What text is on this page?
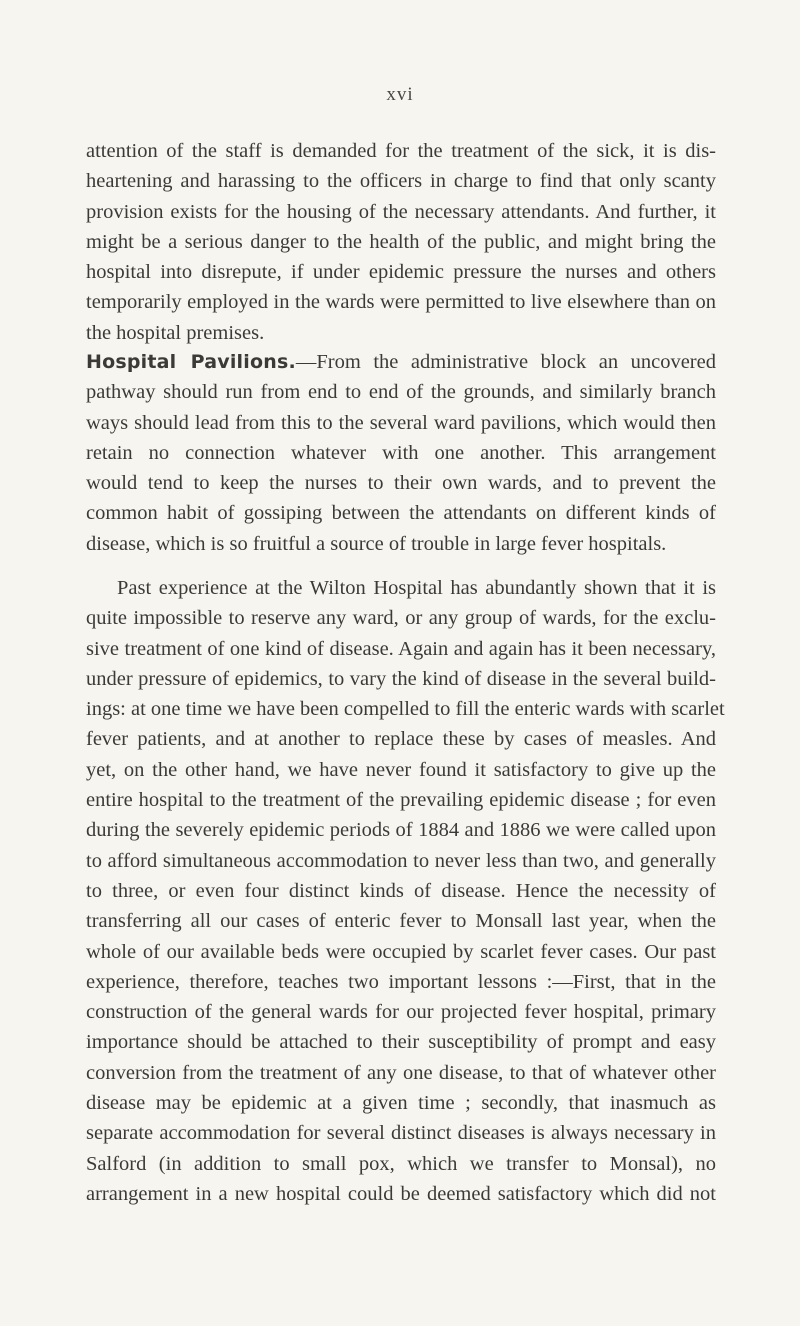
xvi
attention of the staff is demanded for the treatment of the sick, it is dis-
heartening and harassing to the officers in charge to find that only scanty
provision exists for the housing of the necessary attendants. And further, it
might be a serious danger to the health of the public, and might bring the
hospital into disrepute, if under epidemic pressure the nurses and others
temporarily employed in the wards were permitted to live elsewhere than on
the hospital premises.
Hospital Pavilions.—From the administrative block an uncovered
pathway should run from end to end of the grounds, and similarly branch
ways should lead from this to the several ward pavilions, which would then
retain no connection whatever with one another. This arrangement
would tend to keep the nurses to their own wards, and to prevent the
common habit of gossiping between the attendants on different kinds of
disease, which is so fruitful a source of trouble in large fever hospitals.
Past experience at the Wilton Hospital has abundantly shown that it is
quite impossible to reserve any ward, or any group of wards, for the exclu-
sive treatment of one kind of disease. Again and again has it been necessary,
under pressure of epidemics, to vary the kind of disease in the several build-
ings: at one time we have been compelled to fill the enteric wards with scarlet
fever patients, and at another to replace these by cases of measles. And
yet, on the other hand, we have never found it satisfactory to give up the
entire hospital to the treatment of the prevailing epidemic disease ; for even
during the severely epidemic periods of 1884 and 1886 we were called upon
to afford simultaneous accommodation to never less than two, and generally
to three, or even four distinct kinds of disease. Hence the necessity of
transferring all our cases of enteric fever to Monsall last year, when the
whole of our available beds were occupied by scarlet fever cases. Our past
experience, therefore, teaches two important lessons :—First, that in the
construction of the general wards for our projected fever hospital, primary
importance should be attached to their susceptibility of prompt and easy
conversion from the treatment of any one disease, to that of whatever other
disease may be epidemic at a given time ; secondly, that inasmuch as
separate accommodation for several distinct diseases is always necessary in
Salford (in addition to small pox, which we transfer to Monsal), no
arrangement in a new hospital could be deemed satisfactory which did not
